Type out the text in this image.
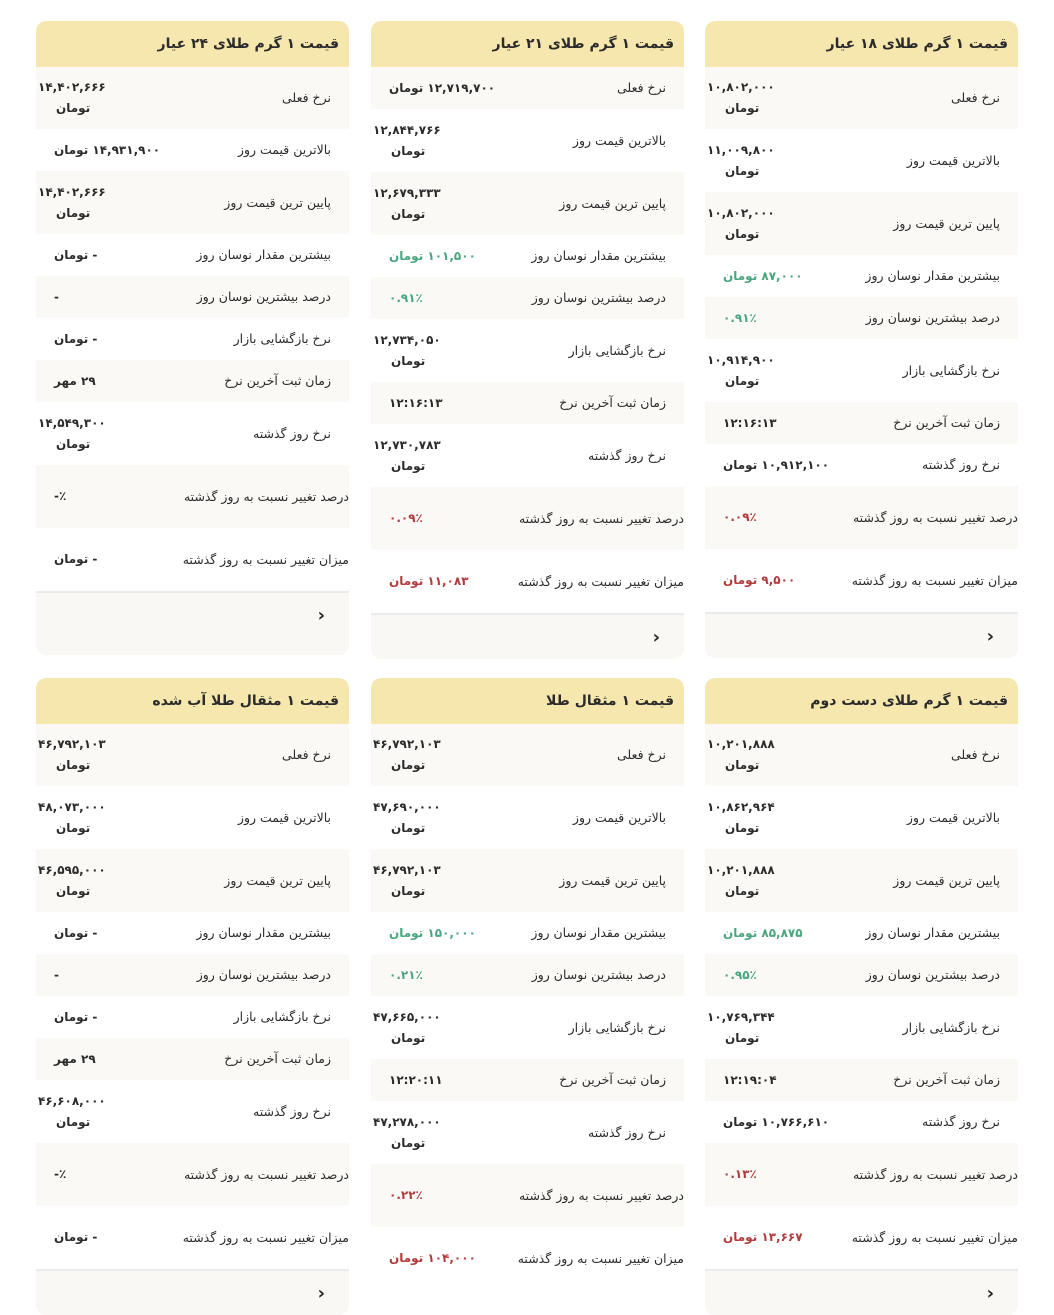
قیمت ۱ گرم طلای ۱۸ عیار
نرخ فعلی
۱۰,۸۰۲,۰۰۰
تومان
بالاترین قیمت روز
۱۱,۰۰۹,۸۰۰
تومان
پایین ترین قیمت روز
۱۰,۸۰۲,۰۰۰
تومان
بیشترین مقدار نوسان روز
۸۷,۰۰۰ تومان
درصد بیشترین نوسان روز
۰.۹۱٪
نرخ بازگشایی بازار
۱۰,۹۱۴,۹۰۰
تومان
زمان ثبت آخرین نرخ
۱۲:۱۶:۱۳
نرخ روز گذشته
۱۰,۹۱۲,۱۰۰ تومان
درصد تغییر نسبت به روز گذشته
۰.۰۹٪
میزان تغییر نسبت به روز گذشته
۹,۵۰۰ تومان
‹
قیمت ۱ گرم طلای ۲۱ عیار
نرخ فعلی
۱۲,۷۱۹,۷۰۰ تومان
بالاترین قیمت روز
۱۲,۸۴۴,۷۶۶
تومان
پایین ترین قیمت روز
۱۲,۶۷۹,۳۳۳
تومان
بیشترین مقدار نوسان روز
۱۰۱,۵۰۰ تومان
درصد بیشترین نوسان روز
۰.۹۱٪
نرخ بازگشایی بازار
۱۲,۷۳۴,۰۵۰
تومان
زمان ثبت آخرین نرخ
۱۲:۱۶:۱۳
نرخ روز گذشته
۱۲,۷۳۰,۷۸۳
تومان
درصد تغییر نسبت به روز گذشته
۰.۰۹٪
میزان تغییر نسبت به روز گذشته
۱۱,۰۸۳ تومان
‹
قیمت ۱ گرم طلای ۲۴ عیار
نرخ فعلی
۱۴,۴۰۲,۶۶۶
تومان
بالاترین قیمت روز
۱۴,۹۳۱,۹۰۰ تومان
پایین ترین قیمت روز
۱۴,۴۰۲,۶۶۶
تومان
بیشترین مقدار نوسان روز
- تومان
درصد بیشترین نوسان روز
-
نرخ بازگشایی بازار
- تومان
زمان ثبت آخرین نرخ
۲۹ مهر
نرخ روز گذشته
۱۴,۵۴۹,۳۰۰
تومان
درصد تغییر نسبت به روز گذشته
٪-
میزان تغییر نسبت به روز گذشته
- تومان
‹
قیمت ۱ گرم طلای دست دوم
نرخ فعلی
۱۰,۲۰۱,۸۸۸
تومان
بالاترین قیمت روز
۱۰,۸۶۲,۹۶۴
تومان
پایین ترین قیمت روز
۱۰,۲۰۱,۸۸۸
تومان
بیشترین مقدار نوسان روز
۸۵,۸۷۵ تومان
درصد بیشترین نوسان روز
۰.۹۵٪
نرخ بازگشایی بازار
۱۰,۷۶۹,۳۴۴
تومان
زمان ثبت آخرین نرخ
۱۲:۱۹:۰۴
نرخ روز گذشته
۱۰,۷۶۶,۶۱۰ تومان
درصد تغییر نسبت به روز گذشته
۰.۱۳٪
میزان تغییر نسبت به روز گذشته
۱۳,۶۶۷ تومان
‹
قیمت ۱ مثقال طلا
نرخ فعلی
۴۶,۷۹۲,۱۰۳
تومان
بالاترین قیمت روز
۴۷,۶۹۰,۰۰۰
تومان
پایین ترین قیمت روز
۴۶,۷۹۲,۱۰۳
تومان
بیشترین مقدار نوسان روز
۱۵۰,۰۰۰ تومان
درصد بیشترین نوسان روز
۰.۲۱٪
نرخ بازگشایی بازار
۴۷,۶۶۵,۰۰۰
تومان
زمان ثبت آخرین نرخ
۱۲:۲۰:۱۱
نرخ روز گذشته
۴۷,۲۷۸,۰۰۰
تومان
درصد تغییر نسبت به روز گذشته
۰.۲۲٪
میزان تغییر نسبت به روز گذشته
۱۰۴,۰۰۰ تومان
قیمت ۱ مثقال طلا آب شده
نرخ فعلی
۴۶,۷۹۲,۱۰۳
تومان
بالاترین قیمت روز
۴۸,۰۷۳,۰۰۰
تومان
پایین ترین قیمت روز
۴۶,۵۹۵,۰۰۰
تومان
بیشترین مقدار نوسان روز
- تومان
درصد بیشترین نوسان روز
-
نرخ بازگشایی بازار
- تومان
زمان ثبت آخرین نرخ
۲۹ مهر
نرخ روز گذشته
۴۶,۶۰۸,۰۰۰
تومان
درصد تغییر نسبت به روز گذشته
٪-
میزان تغییر نسبت به روز گذشته
- تومان
‹
